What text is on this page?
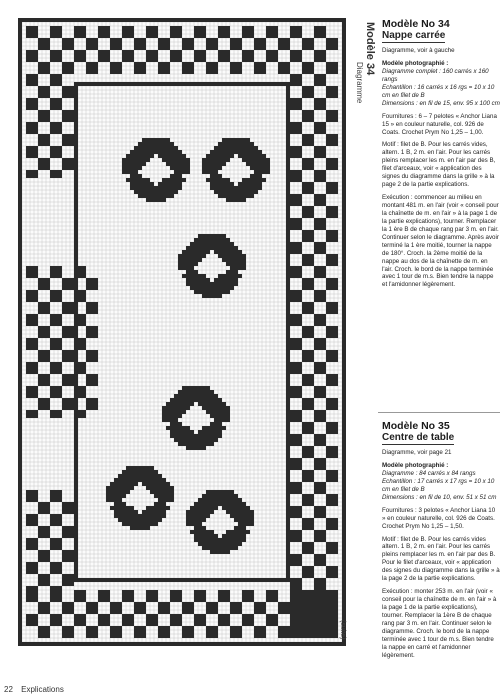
Modèle 34
Diagramme
(suite)
Modèle No 34
Nappe carrée

Diagramme, voir à gauche

Modèle photographié :
Diagramme complet : 160 carrés x 160 rangs
Echantillon : 16 carrés x 16 rgs = 10 x 10 cm en filet de B
Dimensions : en fil de 15, env. 95 x 100 cm

Fournitures : 6 – 7 pelotes « Anchor Liana 15 » en couleur naturelle, col. 926 de Coats. Crochet Prym No 1,25 – 1,00.

Motif : filet de B. Pour les carrés vides, altern. 1 B, 2 m. en l'air. Pour les carrés pleins remplacer les m. en l'air par des B, filet d'arceaux, voir « application des signes du diagramme dans la grille » à la page 2 de la partie explications.

Exécution : commencer au milieu en montant 481 m. en l'air (voir « conseil pour la chaînette de m. en l'air » à la page 1 de la partie explications), tourner. Remplacer la 1 ère B de chaque rang par 3 m. en l'air. Continuer selon le diagramme. Après avoir terminé la 1 ère moitié, tourner la nappe de 180°. Croch. la 2ème moitié de la nappe au dos de la chaînette de m. en l'air. Croch. le bord de la nappe terminée avec 1 tour de m.s. Bien tendre la nappe et l'amidonner légèrement.

Modèle No 35
Centre de table

Diagramme, voir page 21

Modèle photographié :
Diagramme : 84 carrés x 84 rangs
Echantillon : 17 carrés x 17 rgs = 10 x 10 cm en filet de B
Dimensions : en fil de 10, env. 51 x 51 cm

Fournitures : 3 pelotes « Anchor Liana 10 » en couleur naturelle, col. 926 de Coats. Crochet Prym No 1,25 – 1,50.

Motif : filet de B. Pour les carrés vides altern. 1 B, 2 m. en l'air. Pour les carrés pleins remplacer les m. en l'air par des B. Pour le filet d'arceaux, voir « application des signes du diagramme dans la grille » à la page 2 de la partie explications.

Exécution : monter 253 m. en l'air (voir « conseil pour la chaînette de m. en l'air » à la page 1 de la partie explications), tourner. Remplacer la 1ère B de chaque rang par 3 m. en l'air. Continuer selon le diagramme. Croch. le bord de la nappe terminée avec 1 tour de m.s. Bien tendre la nappe en carré et l'amidonner légèrement.

22 Explications
